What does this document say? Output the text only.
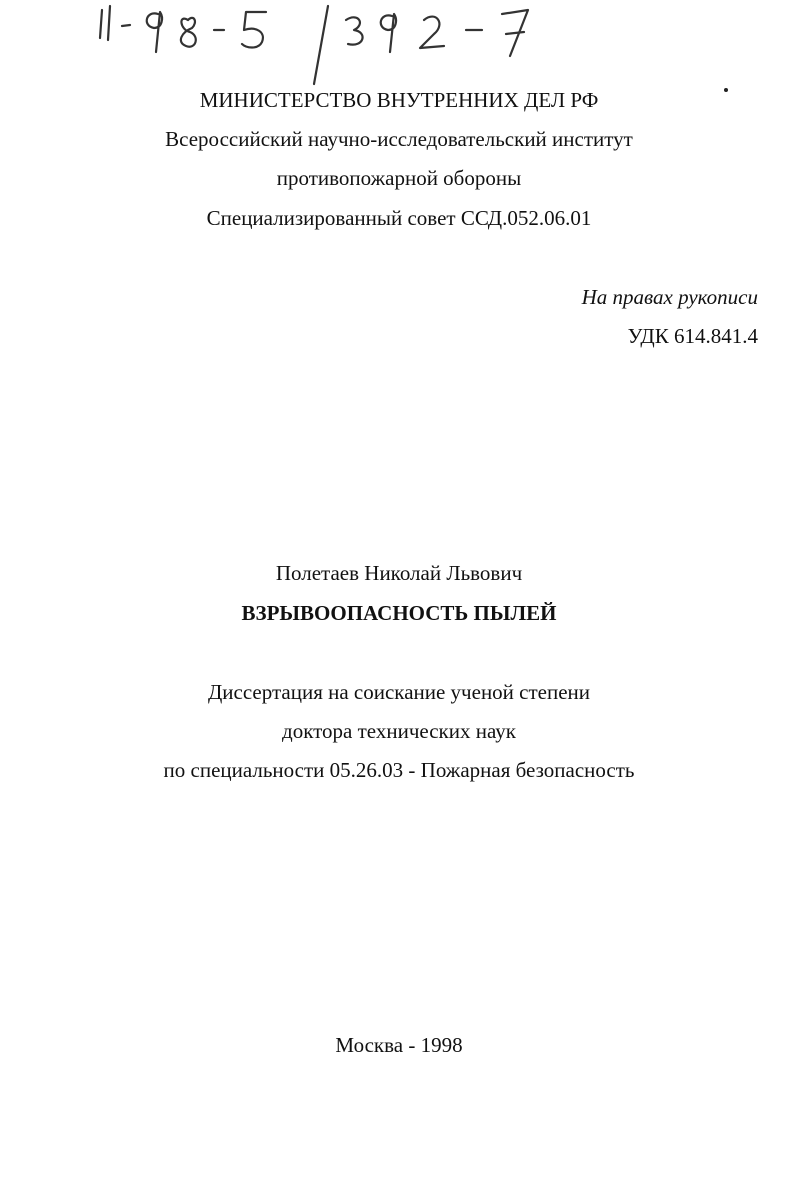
МИНИСТЕРСТВО ВНУТРЕННИХ ДЕЛ РФ
Всероссийский научно-исследовательский институт
противопожарной обороны
Специализированный совет ССД.052.06.01
На правах рукописи
УДК 614.841.4
Полетаев Николай Львович
ВЗРЫВООПАСНОСТЬ ПЫЛЕЙ
Диссертация на соискание ученой степени
доктора технических наук
по специальности 05.26.03 - Пожарная безопасность
Москва - 1998
